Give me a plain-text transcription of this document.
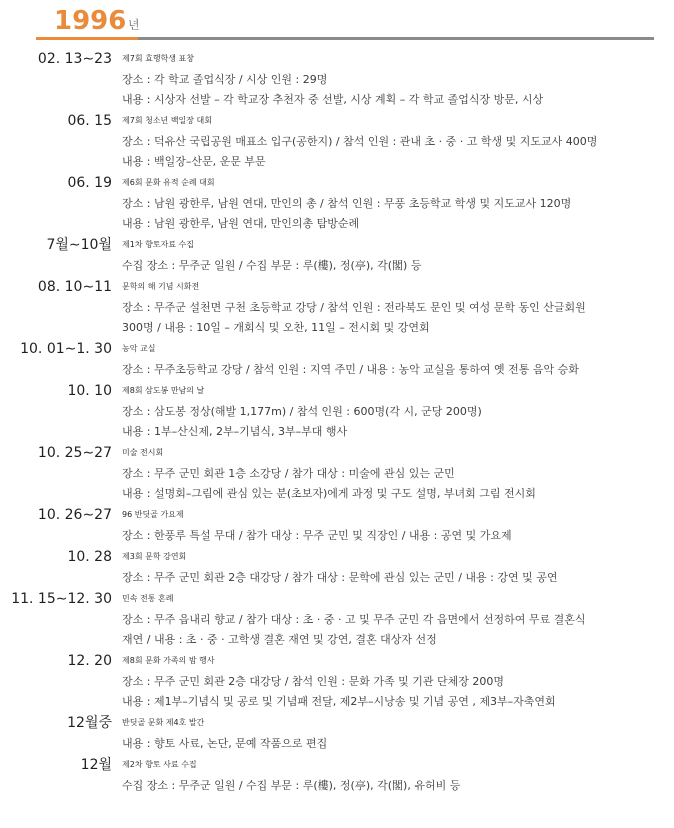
1996 년
02. 13∼23 제7회 효행학생 표창
장소 : 각 학교 졸업식장 / 시상 인원 : 29명
내용 : 시상자 선발 – 각 학교장 추천자 중 선발, 시상 계획 – 각 학교 졸업식장 방문, 시상
06. 15 제7회 청소년 백일장 대회
장소 : 덕유산 국립공원 매표소 입구(공한지) / 참석 인원 : 관내 초 · 중 · 고 학생 및 지도교사 400명
내용 : 백일장–산문, 운문 부문
06. 19 제6회 문화 유적 순례 대회
장소 : 남원 광한루, 남원 연대, 만인의 총 / 참석 인원 : 무풍 초등학교 학생 및 지도교사 120명
내용 : 남원 광한루, 남원 연대, 만인의총 탐방순례
7월∼10월 제1차 향토자료 수집
수집 장소 : 무주군 일원 / 수집 부문 : 루(樓), 정(亭), 각(閣) 등
08. 10∼11 문학의 해 기념 시화전
장소 : 무주군 설천면 구천 초등학교 강당 / 참석 인원 : 전라북도 문인 및 여성 문학 동인 산글회원
300명 / 내용 : 10일 – 개회식 및 오찬, 11일 – 전시회 및 강연회
10. 01∼1. 30 농악 교실
장소 : 무주초등학교 강당 / 참석 인원 : 지역 주민 / 내용 : 농악 교실을 통하여 옛 전통 음악 승화
10. 10 제8회 삼도봉 만남의 날
장소 : 삼도봉 정상(해발 1,177m) / 참석 인원 : 600명(각 시, 군당 200명)
내용 : 1부–산신제, 2부–기념식, 3부–부대 행사
10. 25∼27 미술 전시회
장소 : 무주 군민 회관 1층 소강당 / 참가 대상 : 미술에 관심 있는 군민
내용 : 설명회–그림에 관심 있는 분(초보자)에게 과정 및 구도 설명, 부녀회 그림 전시회
10. 26∼27 96 반딧골 가요제
장소 : 한풍루 특설 무대 / 참가 대상 : 무주 군민 및 직장인 / 내용 : 공연 및 가요제
10. 28 제3회 문학 강연회
장소 : 무주 군민 회관 2층 대강당 / 참가 대상 : 문학에 관심 있는 군민 / 내용 : 강연 및 공연
11. 15∼12. 30 민속 전통 혼례
장소 : 무주 읍내리 향교 / 참가 대상 : 초 · 중 · 고 및 무주 군민 각 읍면에서 선정하여 무료 결혼식
재연 / 내용 : 초 · 중 · 고학생 결혼 재연 및 강연, 결혼 대상자 선정
12. 20 제8회 문화 가족의 밤 행사
장소 : 무주 군민 회관 2층 대강당 / 참석 인원 : 문화 가족 및 기관 단체장 200명
내용 : 제1부–기념식 및 공로 및 기념패 전달, 제2부–시낭송 및 기념 공연 , 제3부–자축연회
12월중 반딧골 문화 제4호 발간
내용 : 향토 사료, 논단, 문예 작품으로 편집
12월 제2차 향토 사료 수집
수집 장소 : 무주군 일원 / 수집 부문 : 루(樓), 정(亭), 각(閣), 유허비 등
